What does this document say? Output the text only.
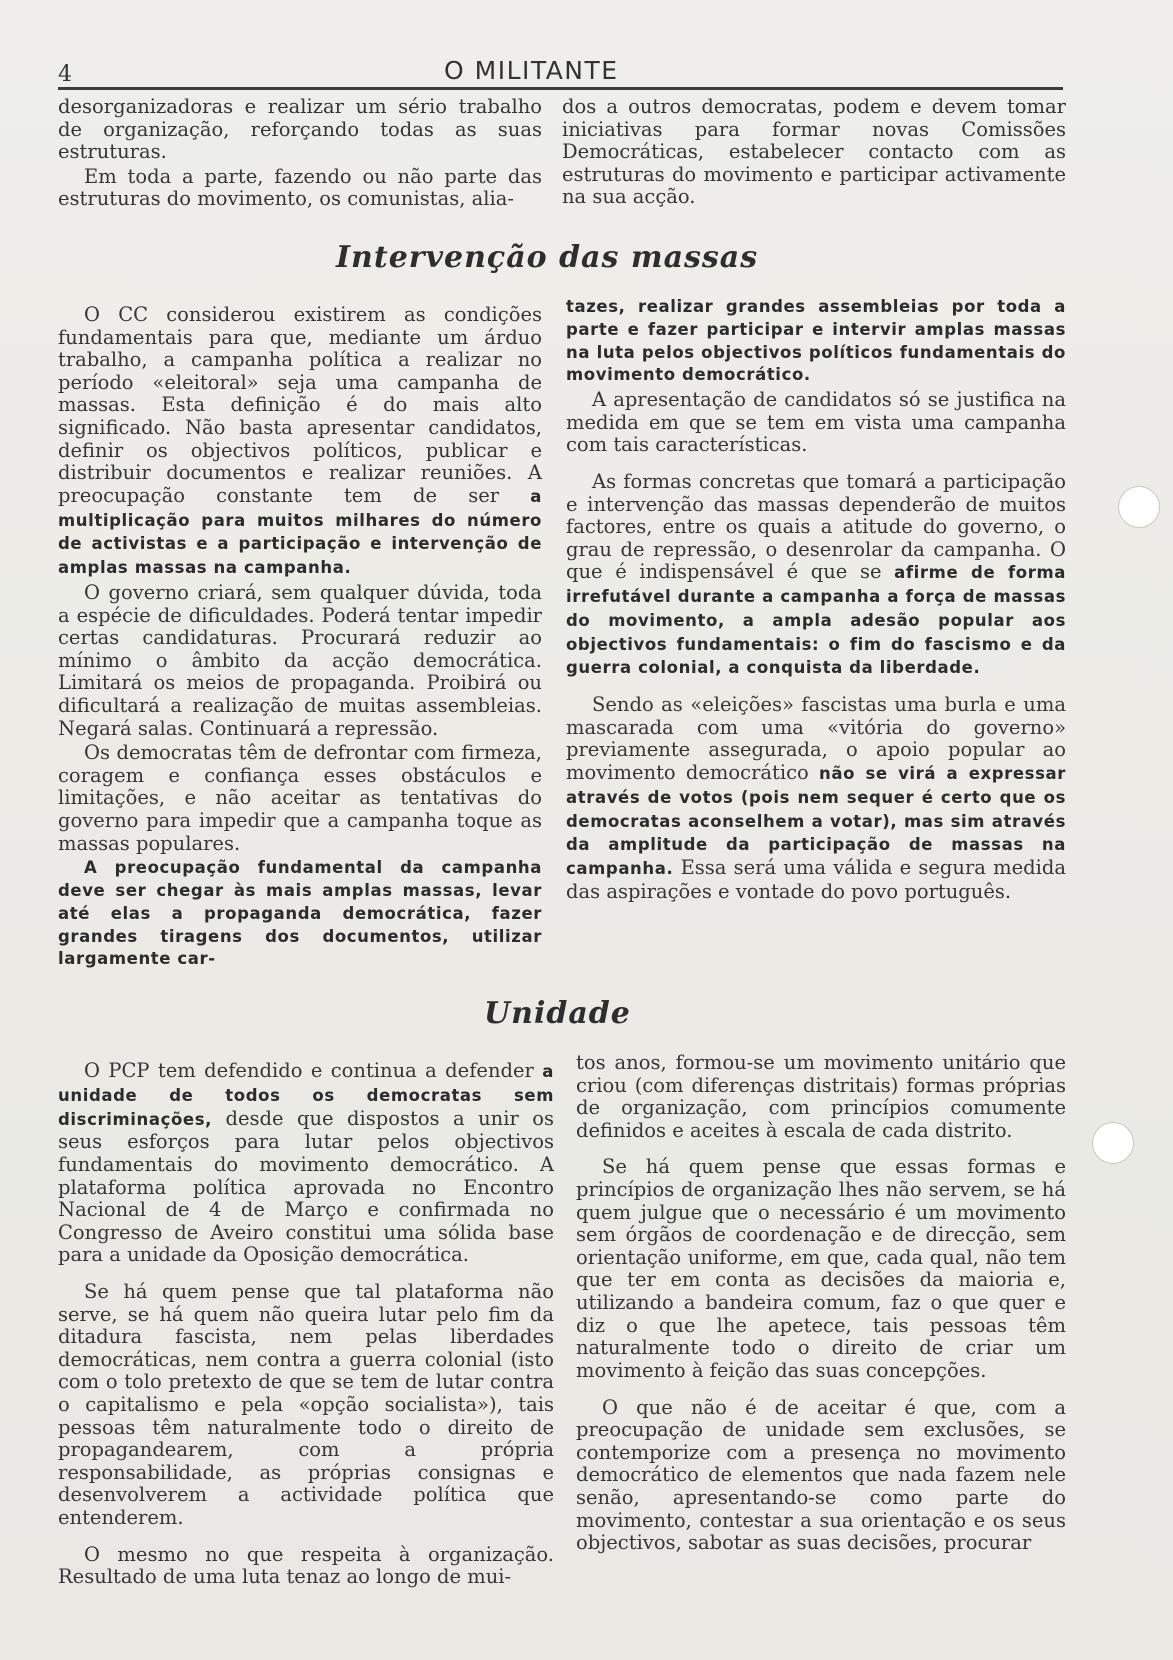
4	O MILITANTE

desorganizadoras e realizar um sério trabalho de organização, reforçando todas as suas estruturas.

Em toda a parte, fazendo ou não parte das estruturas do movimento, os comunistas, alia-

dos a outros democratas, podem e devem tomar iniciativas para formar novas Comissões Democráticas, estabelecer contacto com as estruturas do movimento e participar activamente na sua acção.

Intervenção das massas

O CC considerou existirem as condições fundamentais para que, mediante um árduo trabalho, a campanha política a realizar no período «eleitoral» seja uma campanha de massas. Esta definição é do mais alto significado. Não basta apresentar candidatos, definir os objectivos políticos, publicar e distribuir documentos e realizar reuniões. A preocupação constante tem de ser a multiplicação para muitos milhares do número de activistas e a participação e intervenção de amplas massas na campanha.

O governo criará, sem qualquer dúvida, toda a espécie de dificuldades. Poderá tentar impedir certas candidaturas. Procurará reduzir ao mínimo o âmbito da acção democrática. Limitará os meios de propaganda. Proibirá ou dificultará a realização de muitas assembleias. Negará salas. Continuará a repressão.

Os democratas têm de defrontar com firmeza, coragem e confiança esses obstáculos e limitações, e não aceitar as tentativas do governo para impedir que a campanha toque as massas populares.

A preocupação fundamental da campanha deve ser chegar às mais amplas massas, levar até elas a propaganda democrática, fazer grandes tiragens dos documentos, utilizar largamente car-

tazes, realizar grandes assembleias por toda a parte e fazer participar e intervir amplas massas na luta pelos objectivos políticos fundamentais do movimento democrático.

A apresentação de candidatos só se justifica na medida em que se tem em vista uma campanha com tais características.

As formas concretas que tomará a participação e intervenção das massas dependerão de muitos factores, entre os quais a atitude do governo, o grau de repressão, o desenrolar da campanha. O que é indispensável é que se afirme de forma irrefutável durante a campanha a força de massas do movimento, a ampla adesão popular aos objectivos fundamentais: o fim do fascismo e da guerra colonial, a conquista da liberdade.

Sendo as «eleições» fascistas uma burla e uma mascarada com uma «vitória do governo» previamente assegurada, o apoio popular ao movimento democrático não se virá a expressar através de votos (pois nem sequer é certo que os democratas aconselhem a votar), mas sim através da amplitude da participação de massas na campanha. Essa será uma válida e segura medida das aspirações e vontade do povo português.

Unidade

O PCP tem defendido e continua a defender a unidade de todos os democratas sem discriminações, desde que dispostos a unir os seus esforços para lutar pelos objectivos fundamentais do movimento democrático. A plataforma política aprovada no Encontro Nacional de 4 de Março e confirmada no Congresso de Aveiro constitui uma sólida base para a unidade da Oposição democrática.

Se há quem pense que tal plataforma não serve, se há quem não queira lutar pelo fim da ditadura fascista, nem pelas liberdades democráticas, nem contra a guerra colonial (isto com o tolo pretexto de que se tem de lutar contra o capitalismo e pela «opção socialista»), tais pessoas têm naturalmente todo o direito de propagandearem, com a própria responsabilidade, as próprias consignas e desenvolverem a actividade política que entenderem.

O mesmo no que respeita à organização. Resultado de uma luta tenaz ao longo de mui-

tos anos, formou-se um movimento unitário que criou (com diferenças distritais) formas próprias de organização, com princípios comumente definidos e aceites à escala de cada distrito.

Se há quem pense que essas formas e princípios de organização lhes não servem, se há quem julgue que o necessário é um movimento sem órgãos de coordenação e de direcção, sem orientação uniforme, em que, cada qual, não tem que ter em conta as decisões da maioria e, utilizando a bandeira comum, faz o que quer e diz o que lhe apetece, tais pessoas têm naturalmente todo o direito de criar um movimento à feição das suas concepções.

O que não é de aceitar é que, com a preocupação de unidade sem exclusões, se contemporize com a presença no movimento democrático de elementos que nada fazem nele senão, apresentando-se como parte do movimento, contestar a sua orientação e os seus objectivos, sabotar as suas decisões, procurar
